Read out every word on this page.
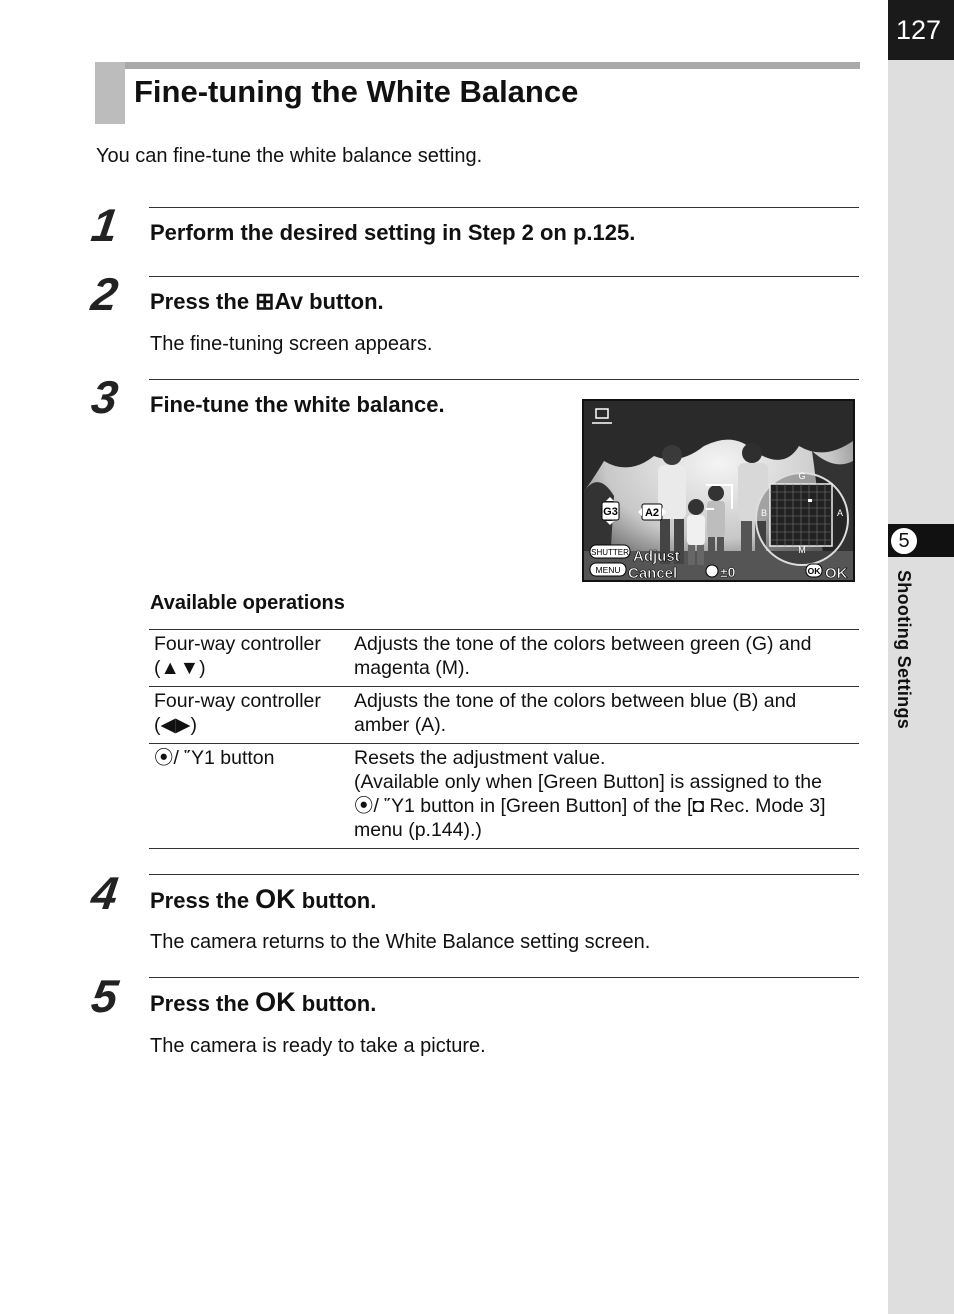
127
5
Shooting Settings
Fine-tuning the White Balance

You can fine-tune the white balance setting.

1 Perform the desired setting in Step 2 on p.125.
2 Press the ⊞Av button.
The fine-tuning screen appears.
3 Fine-tune the white balance.
G
M
B	A
G3 A2
SHUTTER Adjust
MENU Cancel	±0	OK OK
Available operations
Four-way controller
(▲▼)	Adjusts the tone of the colors between green (G) and
magenta (M).

Four-way controller
(◀▶)	Adjusts the tone of the colors between blue (B) and
amber (A).

⦿/ Ὕ1 button	Resets the adjustment value.
(Available only when [Green Button] is assigned to the
⦿/ Ὕ1 button in [Green Button] of the [◘ Rec. Mode 3]
menu (p.144).)
4 Press the OK button.
The camera returns to the White Balance setting screen.
5 Press the OK button.
The camera is ready to take a picture.
